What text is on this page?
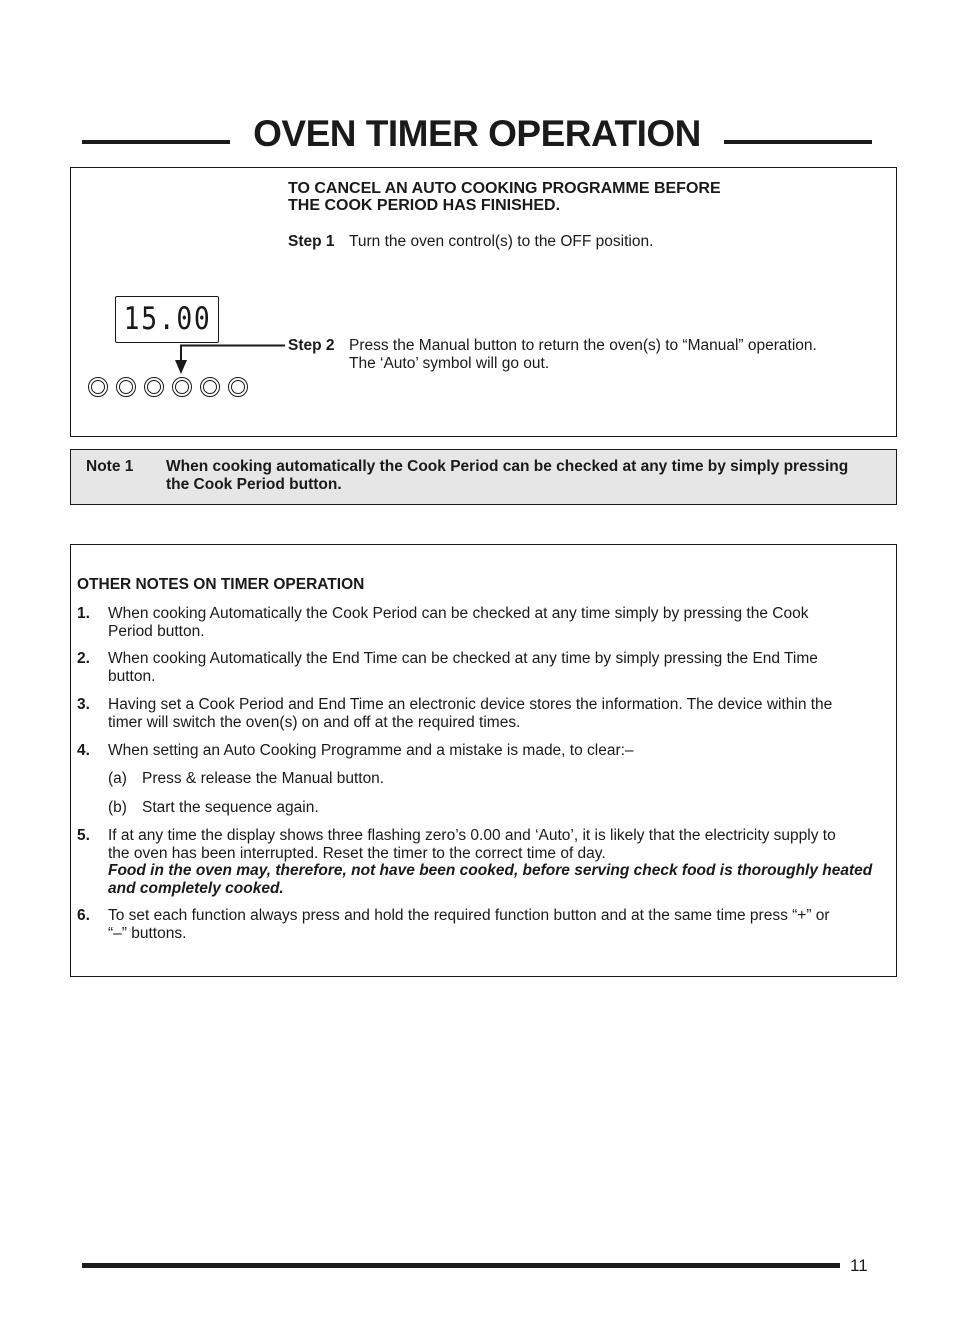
OVEN TIMER OPERATION
TO CANCEL AN AUTO COOKING PROGRAMME BEFORE
THE COOK PERIOD HAS FINISHED.
Step 1 Turn the oven control(s) to the OFF position.
15.00
Step 2 Press the Manual button to return the oven(s) to “Manual” operation.
The ‘Auto’ symbol will go out.
Note 1 When cooking automatically the Cook Period can be checked at any time by simply pressing
the Cook Period button.
OTHER NOTES ON TIMER OPERATION
1. When cooking Automatically the Cook Period can be checked at any time simply by pressing the Cook
Period button.
2. When cooking Automatically the End Time can be checked at any time by simply pressing the End Time
button.
3. Having set a Cook Period and End Time an electronic device stores the information. The device within the
timer will switch the oven(s) on and off at the required times.
4. When setting an Auto Cooking Programme and a mistake is made, to clear:–
(a) Press & release the Manual button.
(b) Start the sequence again.
5. If at any time the display shows three flashing zero’s 0.00 and ‘Auto’, it is likely that the electricity supply to
the oven has been interrupted. Reset the timer to the correct time of day.
Food in the oven may, therefore, not have been cooked, before serving check food is thoroughly heated
and completely cooked.
6. To set each function always press and hold the required function button and at the same time press “+” or
“–” buttons.
11
